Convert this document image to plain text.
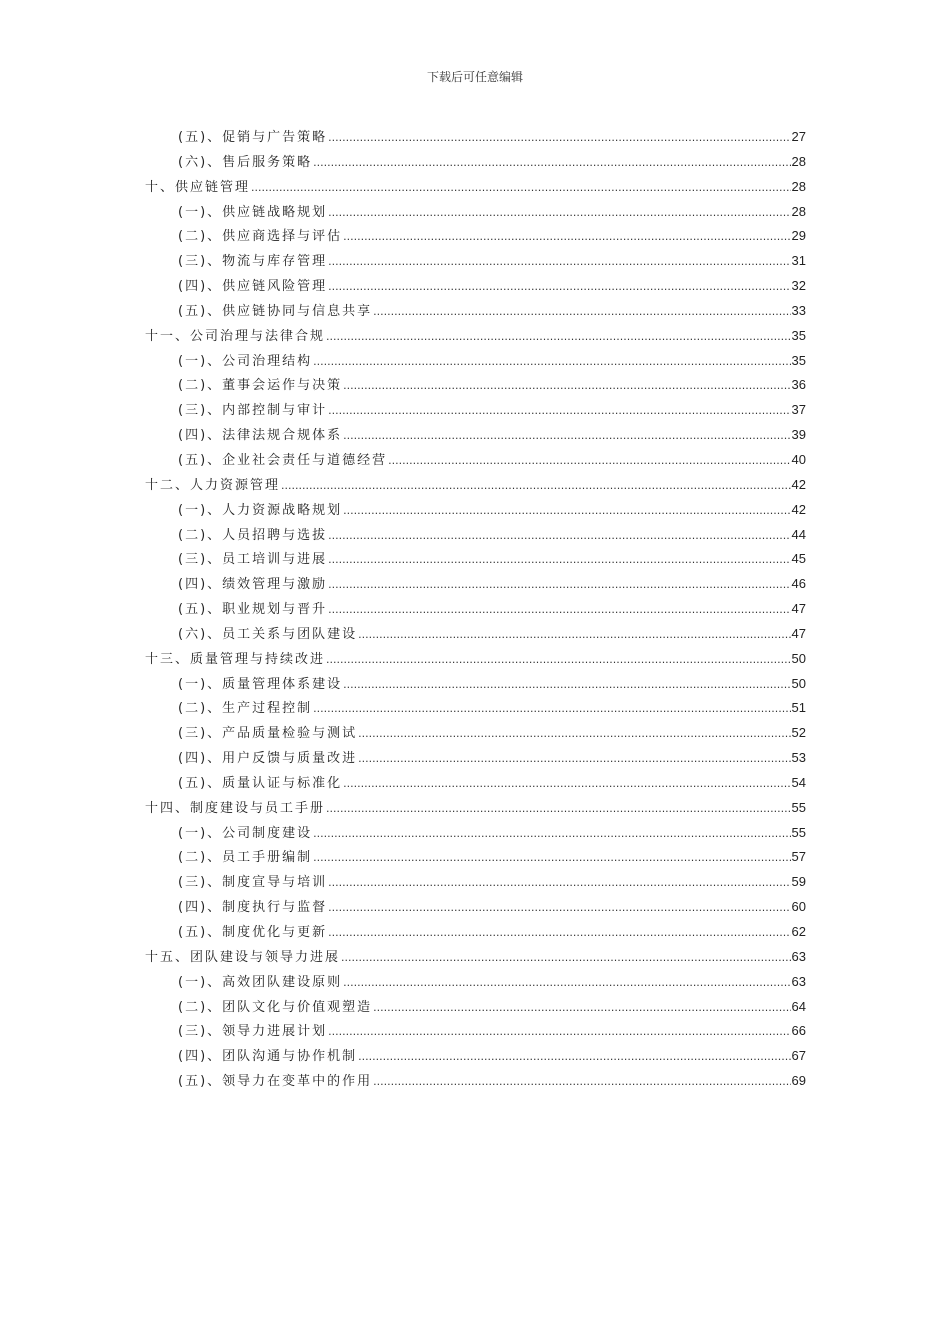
下载后可任意编辑
(五)、促销与广告策略 .....	27
(六)、售后服务策略 .....	28
十、供应链管理 .....	28
(一)、供应链战略规划 .....	28
(二)、供应商选择与评估 .....	29
(三)、物流与库存管理 .....	31
(四)、供应链风险管理 .....	32
(五)、供应链协同与信息共享 .....	33
十一、公司治理与法律合规 .....	35
(一)、公司治理结构 .....	35
(二)、董事会运作与决策 .....	36
(三)、内部控制与审计 .....	37
(四)、法律法规合规体系 .....	39
(五)、企业社会责任与道德经营 .....	40
十二、人力资源管理 .....	42
(一)、人力资源战略规划 .....	42
(二)、人员招聘与选拔 .....	44
(三)、员工培训与进展 .....	45
(四)、绩效管理与激励 .....	46
(五)、职业规划与晋升 .....	47
(六)、员工关系与团队建设 .....	47
十三、质量管理与持续改进 .....	50
(一)、质量管理体系建设 .....	50
(二)、生产过程控制 .....	51
(三)、产品质量检验与测试 .....	52
(四)、用户反馈与质量改进 .....	53
(五)、质量认证与标准化 .....	54
十四、制度建设与员工手册 .....	55
(一)、公司制度建设 .....	55
(二)、员工手册编制 .....	57
(三)、制度宣导与培训 .....	59
(四)、制度执行与监督 .....	60
(五)、制度优化与更新 .....	62
十五、团队建设与领导力进展 .....	63
(一)、高效团队建设原则 .....	63
(二)、团队文化与价值观塑造 .....	64
(三)、领导力进展计划 .....	66
(四)、团队沟通与协作机制 .....	67
(五)、领导力在变革中的作用 .....	69
